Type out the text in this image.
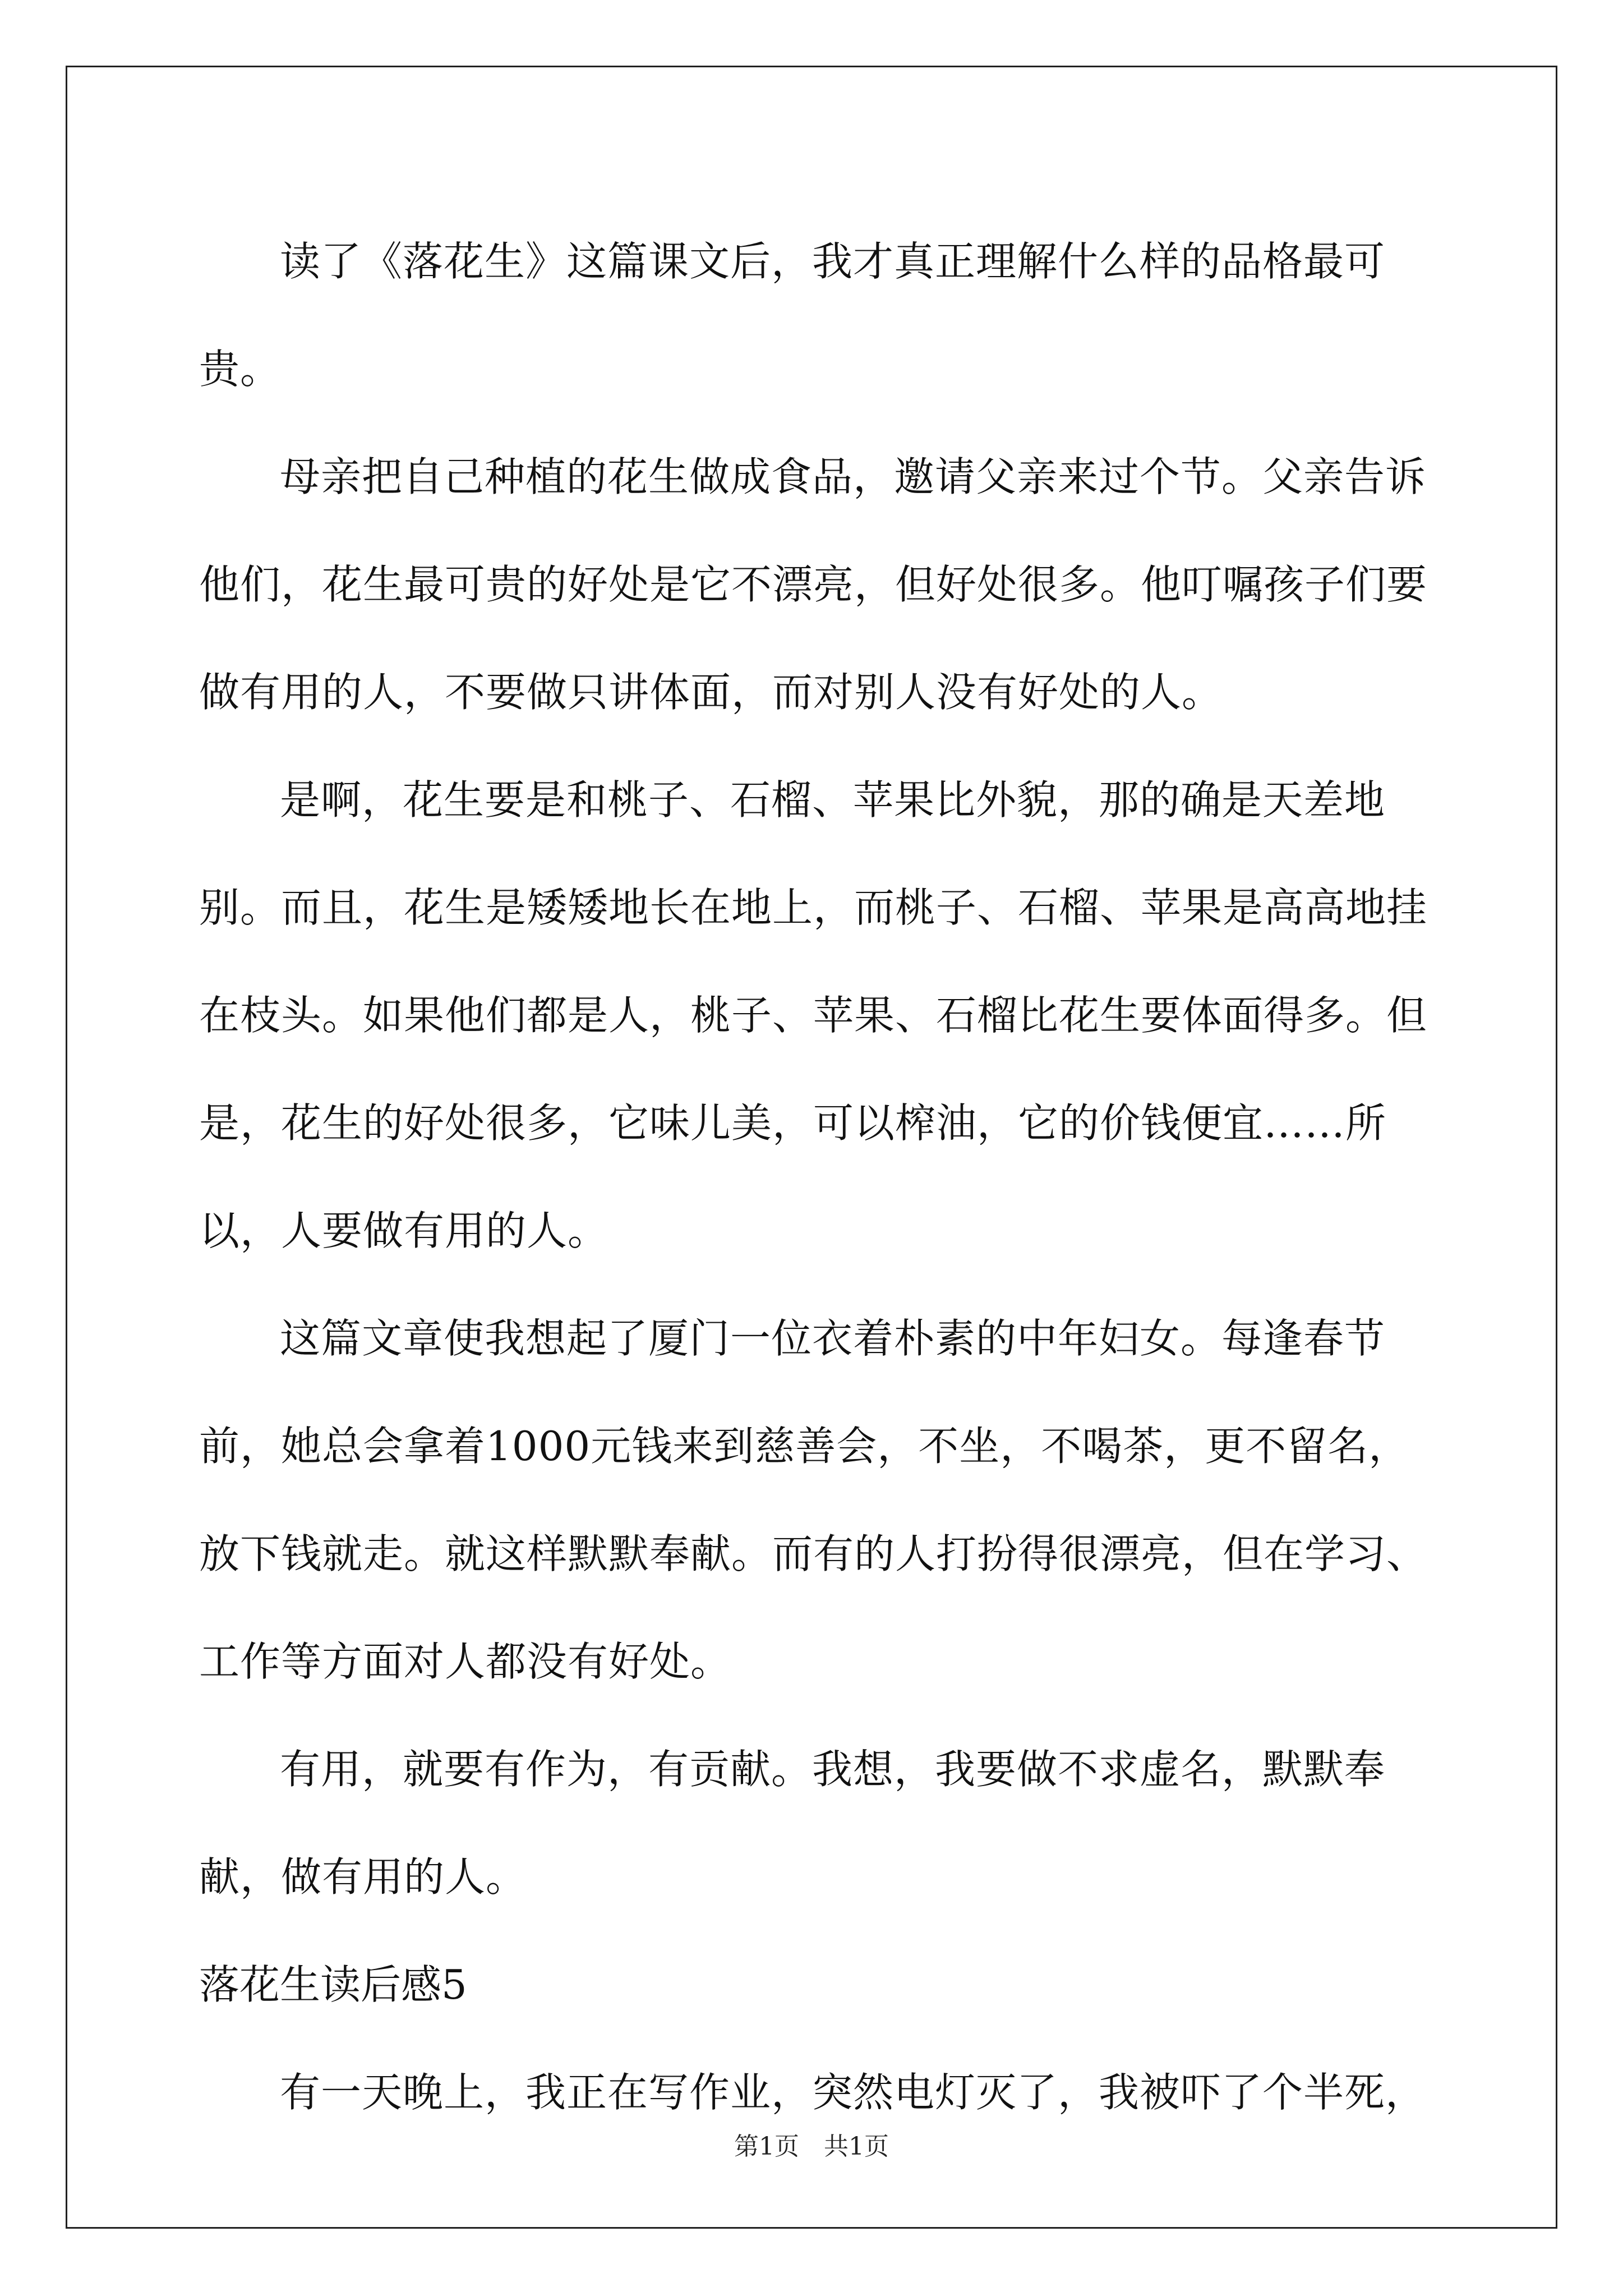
读了《落花生》这篇课文后，我才真正理解什么样的品格最可贵。

母亲把自己种植的花生做成食品，邀请父亲来过个节。父亲告诉他们，花生最可贵的好处是它不漂亮，但好处很多。他叮嘱孩子们要做有用的人，不要做只讲体面，而对别人没有好处的人。

是啊，花生要是和桃子、石榴、苹果比外貌，那的确是天差地别。而且，花生是矮矮地长在地上，而桃子、石榴、苹果是高高地挂在枝头。如果他们都是人，桃子、苹果、石榴比花生要体面得多。但是，花生的好处很多，它味儿美，可以榨油，它的价钱便宜……所以，人要做有用的人。

这篇文章使我想起了厦门一位衣着朴素的中年妇女。每逢春节前，她总会拿着1000元钱来到慈善会，不坐，不喝茶，更不留名，放下钱就走。就这样默默奉献。而有的人打扮得很漂亮，但在学习、工作等方面对人都没有好处。

有用，就要有作为，有贡献。我想，我要做不求虚名，默默奉献，做有用的人。

落花生读后感5

有一天晚上，我正在写作业，突然电灯灭了，我被吓了个半死，

第1页 共1页
